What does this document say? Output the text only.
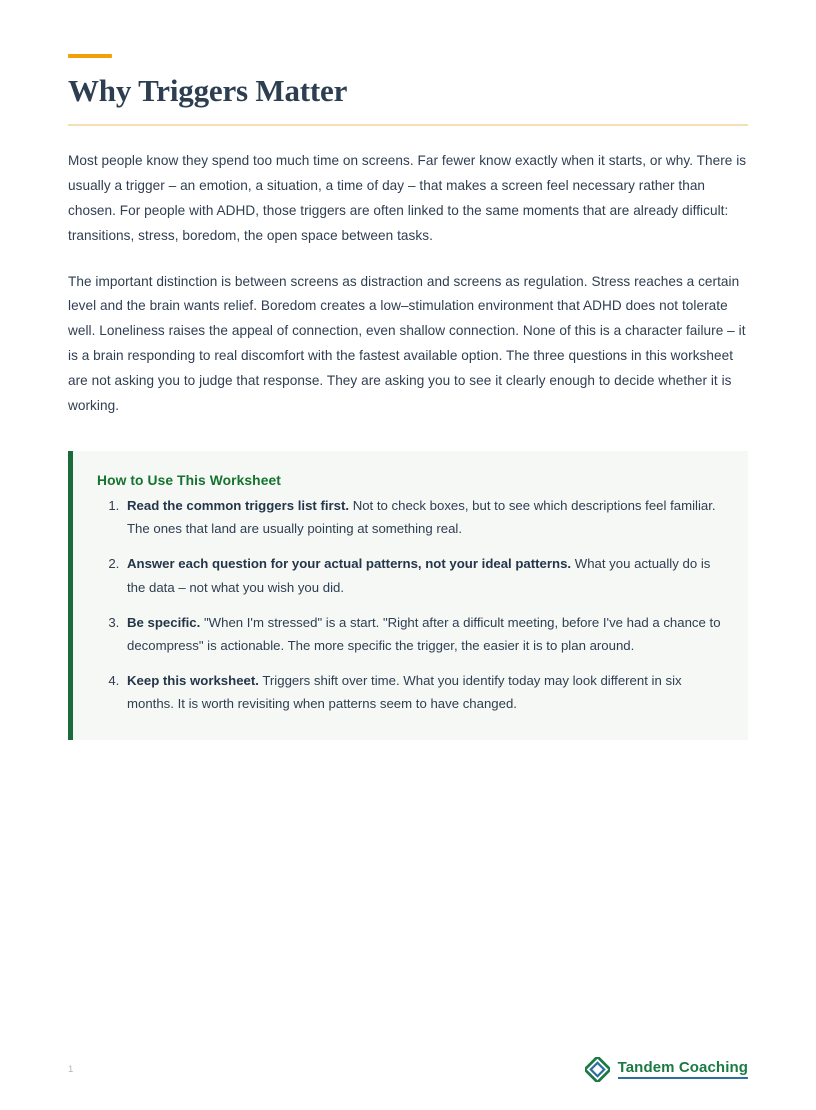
Why Triggers Matter

Most people know they spend too much time on screens. Far fewer know exactly when it starts, or why. There is usually a trigger – an emotion, a situation, a time of day – that makes a screen feel necessary rather than chosen. For people with ADHD, those triggers are often linked to the same moments that are already difficult: transitions, stress, boredom, the open space between tasks.

The important distinction is between screens as distraction and screens as regulation. Stress reaches a certain level and the brain wants relief. Boredom creates a low–stimulation environment that ADHD does not tolerate well. Loneliness raises the appeal of connection, even shallow connection. None of this is a character failure – it is a brain responding to real discomfort with the fastest available option. The three questions in this worksheet are not asking you to judge that response. They are asking you to see it clearly enough to decide whether it is working.

How to Use This Worksheet
1. Read the common triggers list first. Not to check boxes, but to see which descriptions feel familiar. The ones that land are usually pointing at something real.
2. Answer each question for your actual patterns, not your ideal patterns. What you actually do is the data – not what you wish you did.
3. Be specific. "When I'm stressed" is a start. "Right after a difficult meeting, before I've had a chance to decompress" is actionable. The more specific the trigger, the easier it is to plan around.
4. Keep this worksheet. Triggers shift over time. What you identify today may look different in six months. It is worth revisiting when patterns seem to have changed.
1	Tandem Coaching
